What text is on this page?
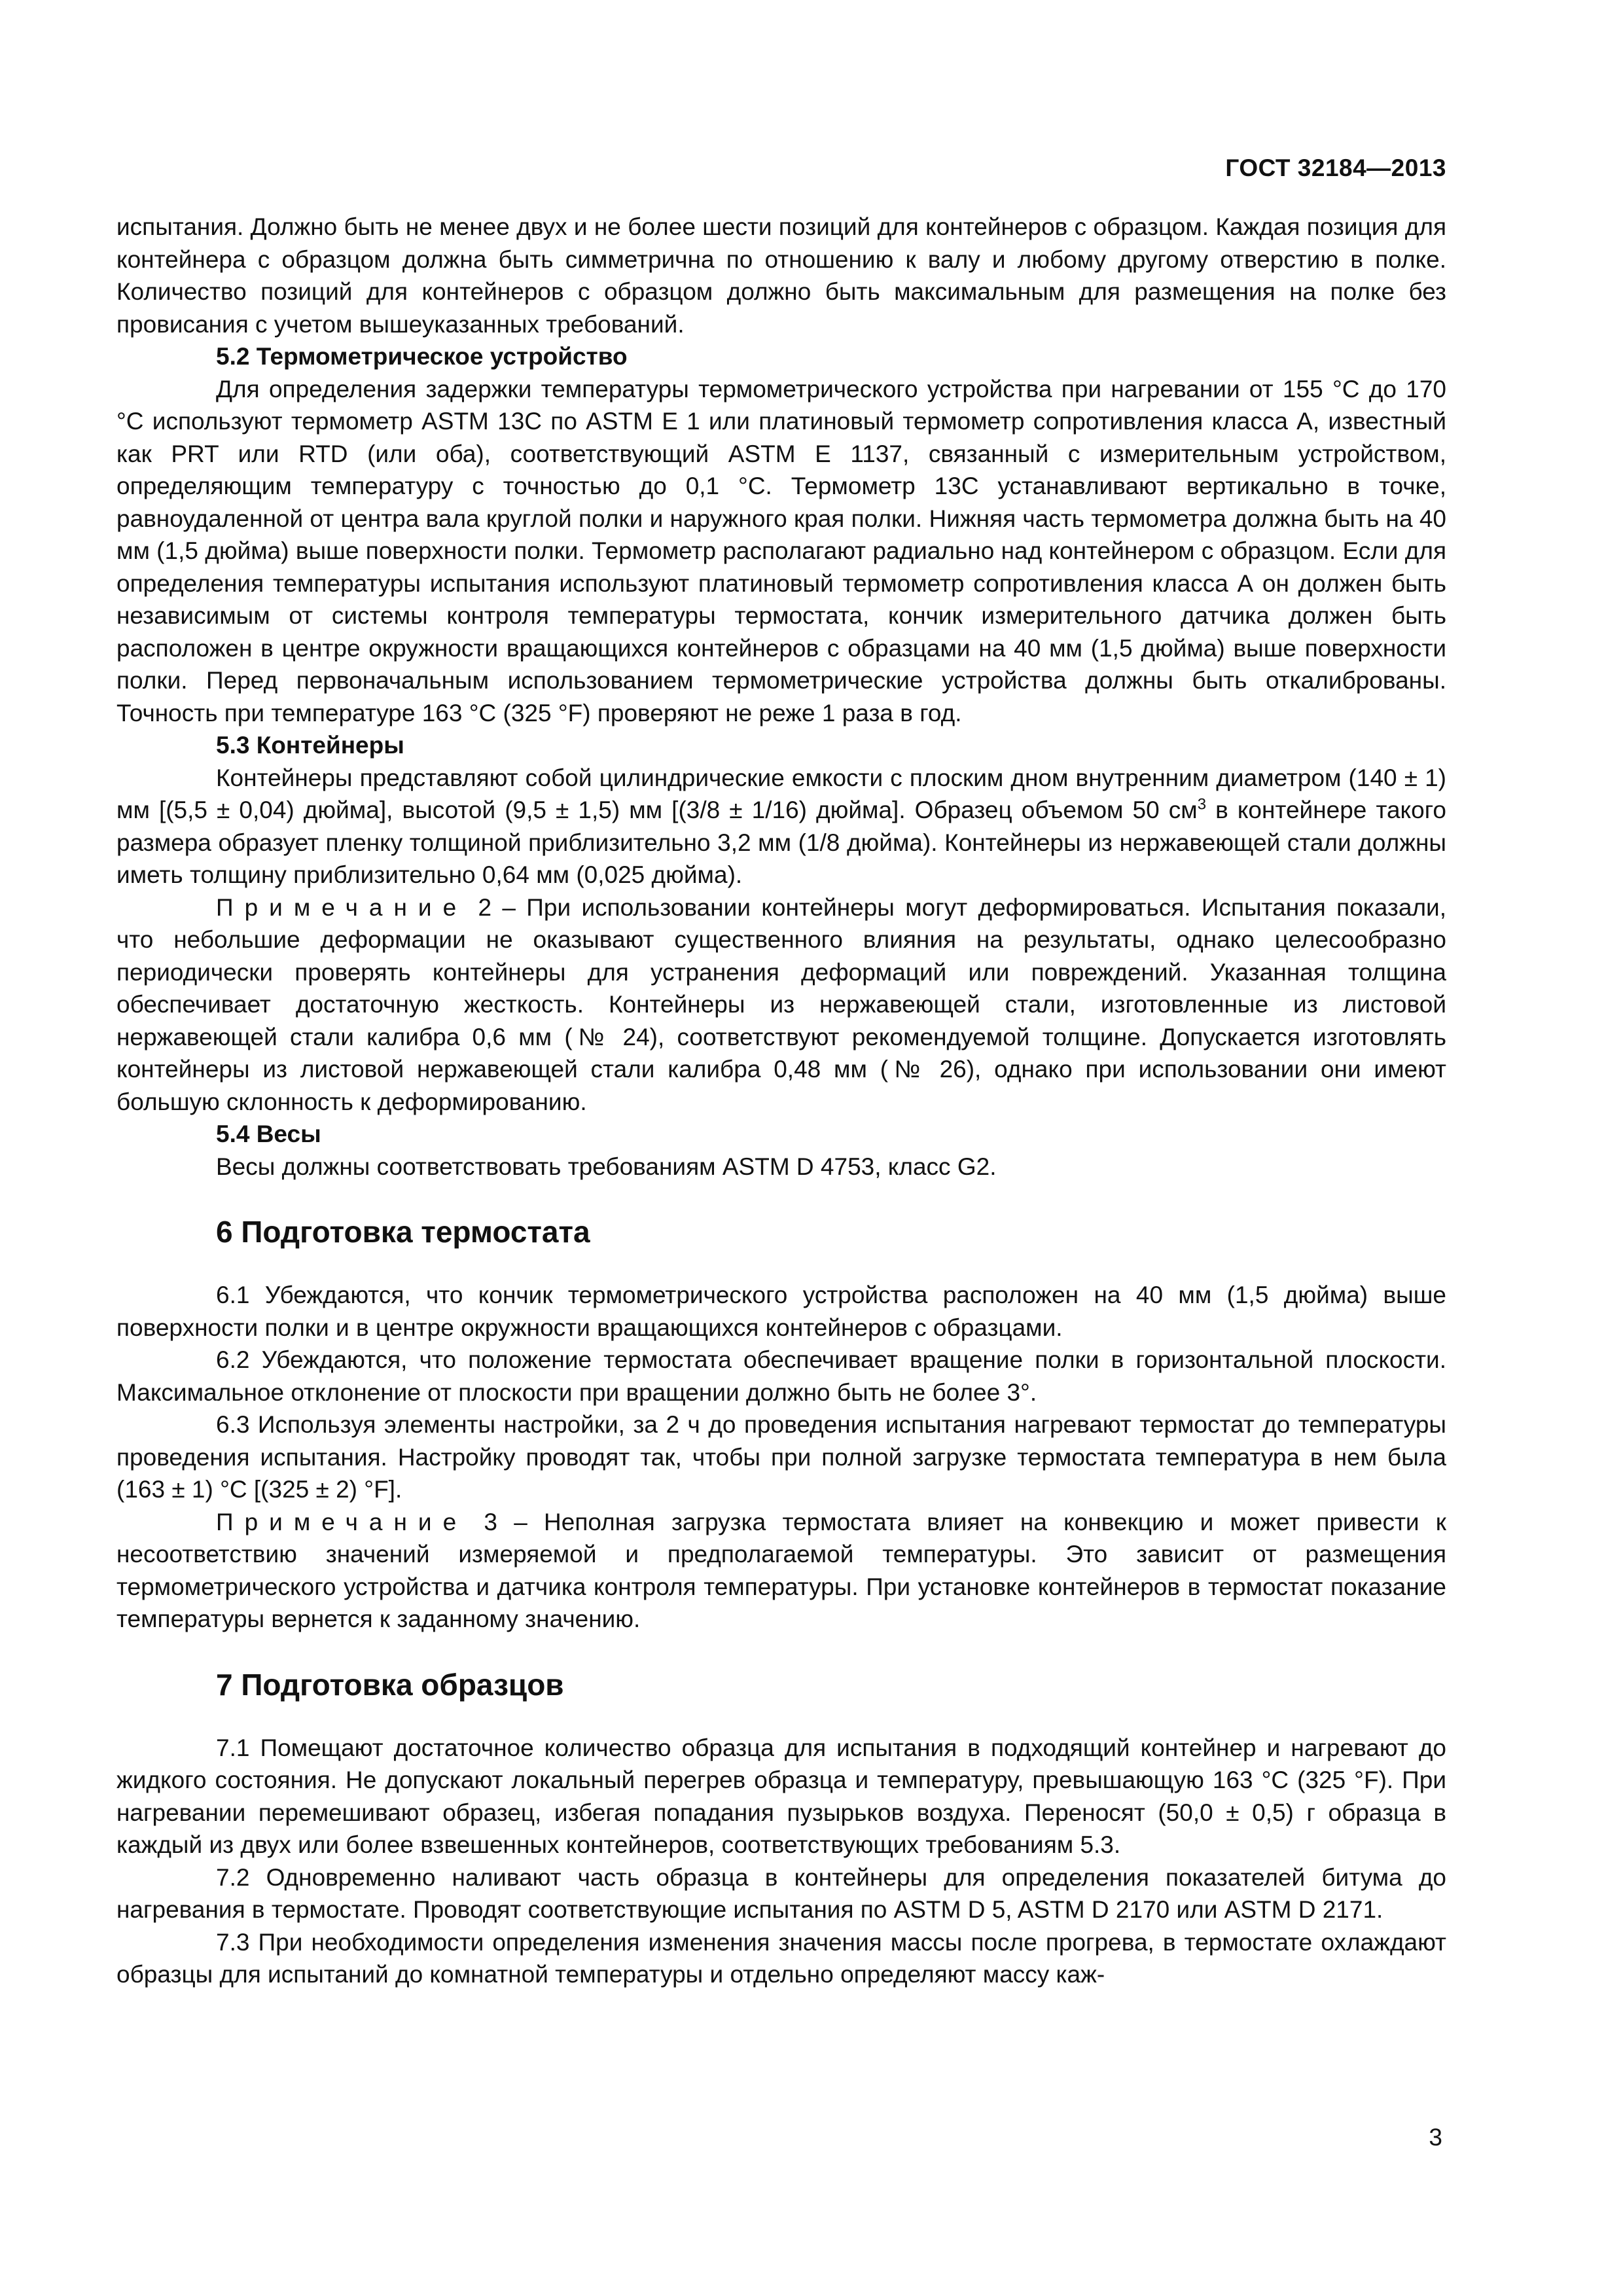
ГОСТ 32184—2013

испытания. Должно быть не менее двух и не более шести позиций для контейнеров с образцом. Каждая позиция для контейнера с образцом должна быть симметрична по отношению к валу и любому другому отверстию в полке. Количество позиций для контейнеров с образцом должно быть максимальным для размещения на полке без провисания с учетом вышеуказанных требований.

5.2 Термометрическое устройство

Для определения задержки температуры термометрического устройства при нагревании от 155 °С до 170 °С используют термометр ASTM 13C по ASTM E 1 или платиновый термометр сопротивления класса А, известный как PRT или RTD (или оба), соответствующий ASTM E 1137, связанный с измерительным устройством, определяющим температуру с точностью до 0,1 °С. Термометр 13С устанавливают вертикально в точке, равноудаленной от центра вала круглой полки и наружного края полки. Нижняя часть термометра должна быть на 40 мм (1,5 дюйма) выше поверхности полки. Термометр располагают радиально над контейнером с образцом. Если для определения температуры испытания используют платиновый термометр сопротивления класса А он должен быть независимым от системы контроля температуры термостата, кончик измерительного датчика должен быть расположен в центре окружности вращающихся контейнеров с образцами на 40 мм (1,5 дюйма) выше поверхности полки. Перед первоначальным использованием термометрические устройства должны быть откалиброваны. Точность при температуре 163 °С (325 °F) проверяют не реже 1 раза в год.

5.3 Контейнеры

Контейнеры представляют собой цилиндрические емкости с плоским дном внутренним диаметром (140 ± 1) мм [(5,5 ± 0,04) дюйма], высотой (9,5 ± 1,5) мм [(3/8 ± 1/16) дюйма]. Образец объемом 50 $см^3$ в контейнере такого размера образует пленку толщиной приблизительно 3,2 мм (1/8 дюйма). Контейнеры из нержавеющей стали должны иметь толщину приблизительно 0,64 мм (0,025 дюйма).

Примечание 2 – При использовании контейнеры могут деформироваться. Испытания показали, что небольшие деформации не оказывают существенного влияния на результаты, однако целесообразно периодически проверять контейнеры для устранения деформаций или повреждений. Указанная толщина обеспечивает достаточную жесткость. Контейнеры из нержавеющей стали, изготовленные из листовой нержавеющей стали калибра 0,6 мм (№ 24), соответствуют рекомендуемой толщине. Допускается изготовлять контейнеры из листовой нержавеющей стали калибра 0,48 мм (№ 26), однако при использовании они имеют большую склонность к деформированию.

5.4 Весы

Весы должны соответствовать требованиям ASTM D 4753, класс G2.

6 Подготовка термостата

6.1 Убеждаются, что кончик термометрического устройства расположен на 40 мм (1,5 дюйма) выше поверхности полки и в центре окружности вращающихся контейнеров с образцами.

6.2 Убеждаются, что положение термостата обеспечивает вращение полки в горизонтальной плоскости. Максимальное отклонение от плоскости при вращении должно быть не более 3°.

6.3 Используя элементы настройки, за 2 ч до проведения испытания нагревают термостат до температуры проведения испытания. Настройку проводят так, чтобы при полной загрузке термостата температура в нем была (163 ± 1) °С [(325 ± 2) °F].

Примечание 3 – Неполная загрузка термостата влияет на конвекцию и может привести к несоответствию значений измеряемой и предполагаемой температуры. Это зависит от размещения термометрического устройства и датчика контроля температуры. При установке контейнеров в термостат показание температуры вернется к заданному значению.

7 Подготовка образцов

7.1 Помещают достаточное количество образца для испытания в подходящий контейнер и нагревают до жидкого состояния. Не допускают локальный перегрев образца и температуру, превышающую 163 °С (325 °F). При нагревании перемешивают образец, избегая попадания пузырьков воздуха. Переносят (50,0 ± 0,5) г образца в каждый из двух или более взвешенных контейнеров, соответствующих требованиям 5.3.

7.2 Одновременно наливают часть образца в контейнеры для определения показателей битума до нагревания в термостате. Проводят соответствующие испытания по ASTM D 5, ASTM D 2170 или ASTM D 2171.

7.3 При необходимости определения изменения значения массы после прогрева, в термостате охлаждают образцы для испытаний до комнатной температуры и отдельно определяют массу каж-

3
